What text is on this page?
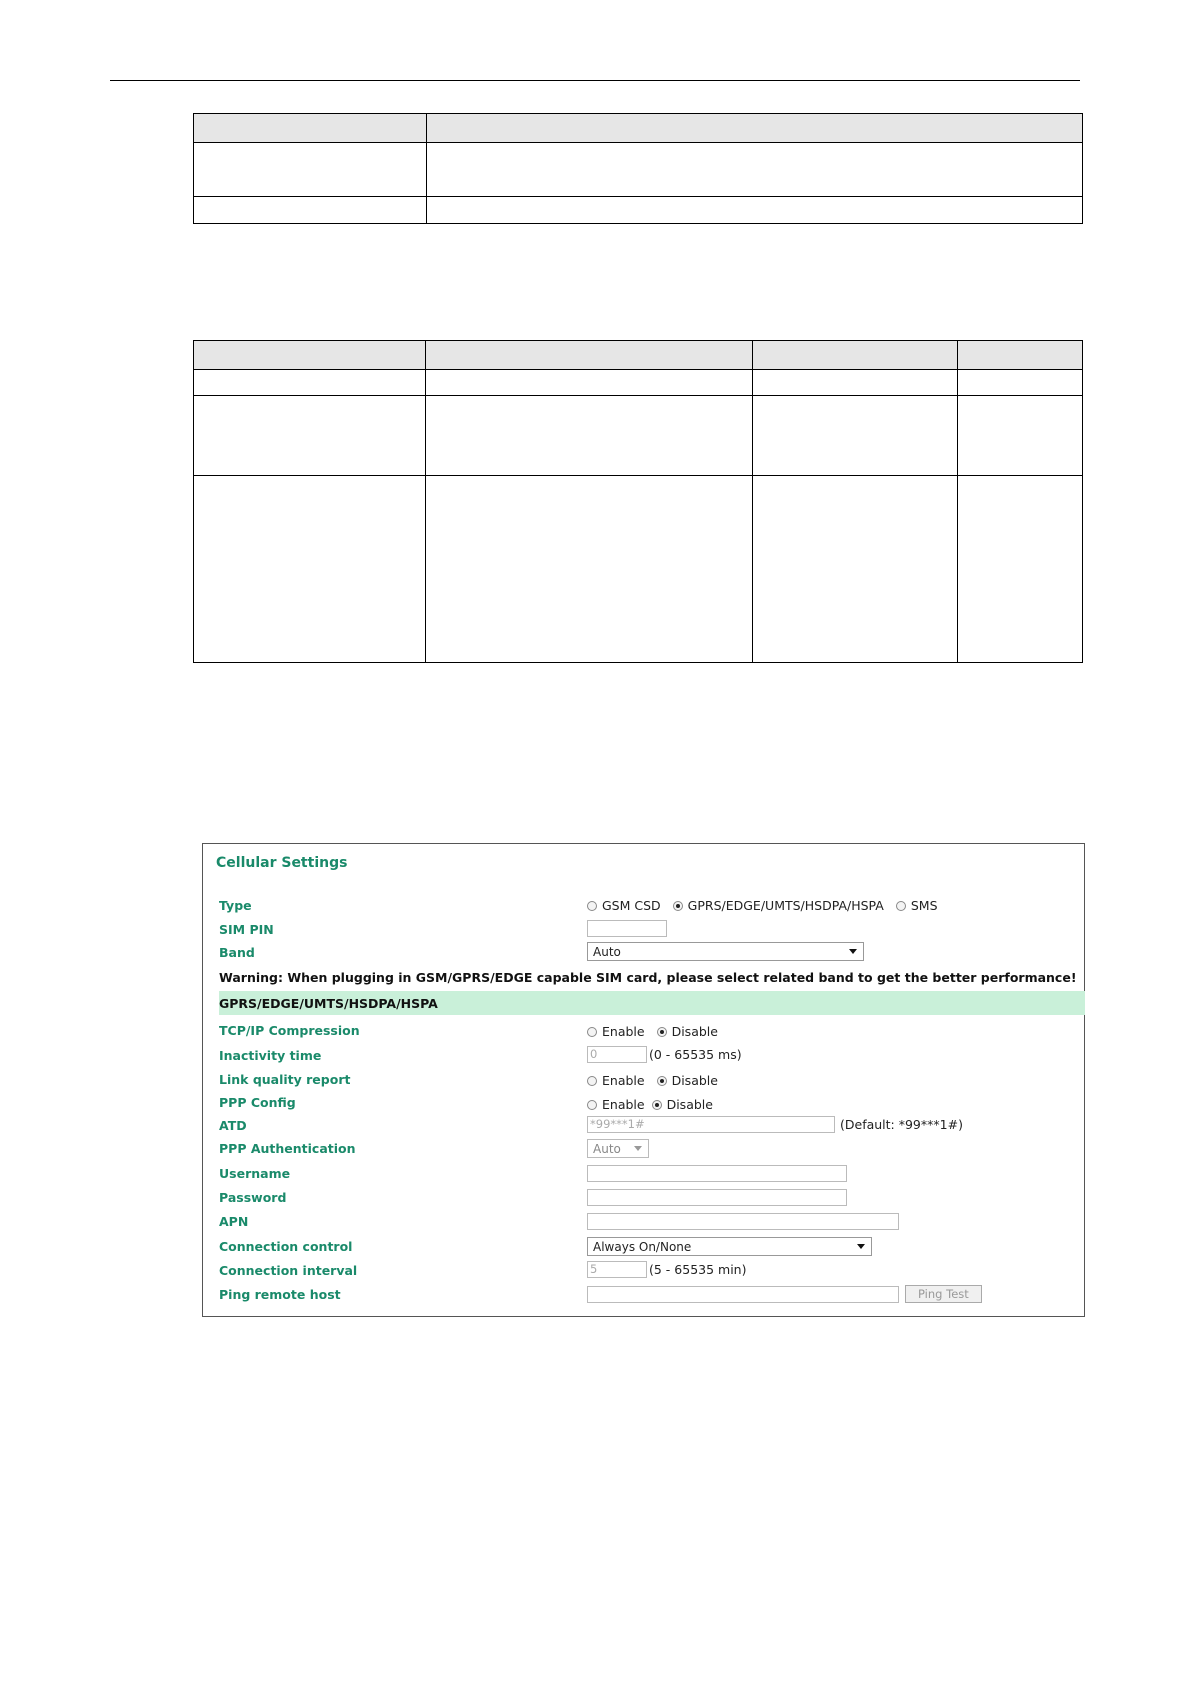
Cellular Settings
Type	GSM CSD GPRS/EDGE/UMTS/HSDPA/HSPA SMS
SIM PIN
Band	Auto
Warning: When plugging in GSM/GPRS/EDGE capable SIM card, please select related band to get the better performance!
GPRS/EDGE/UMTS/HSDPA/HSPA
TCP/IP Compression	Enable Disable
Inactivity time	0	(0 - 65535 ms)
Link quality report	Enable Disable
PPP Config	Enable Disable
ATD	*99***1#	(Default: *99***1#)
PPP Authentication	Auto
Username
Password
APN
Connection control	Always On/None
Connection interval	5	(5 - 65535 min)
Ping remote host	Ping Test
